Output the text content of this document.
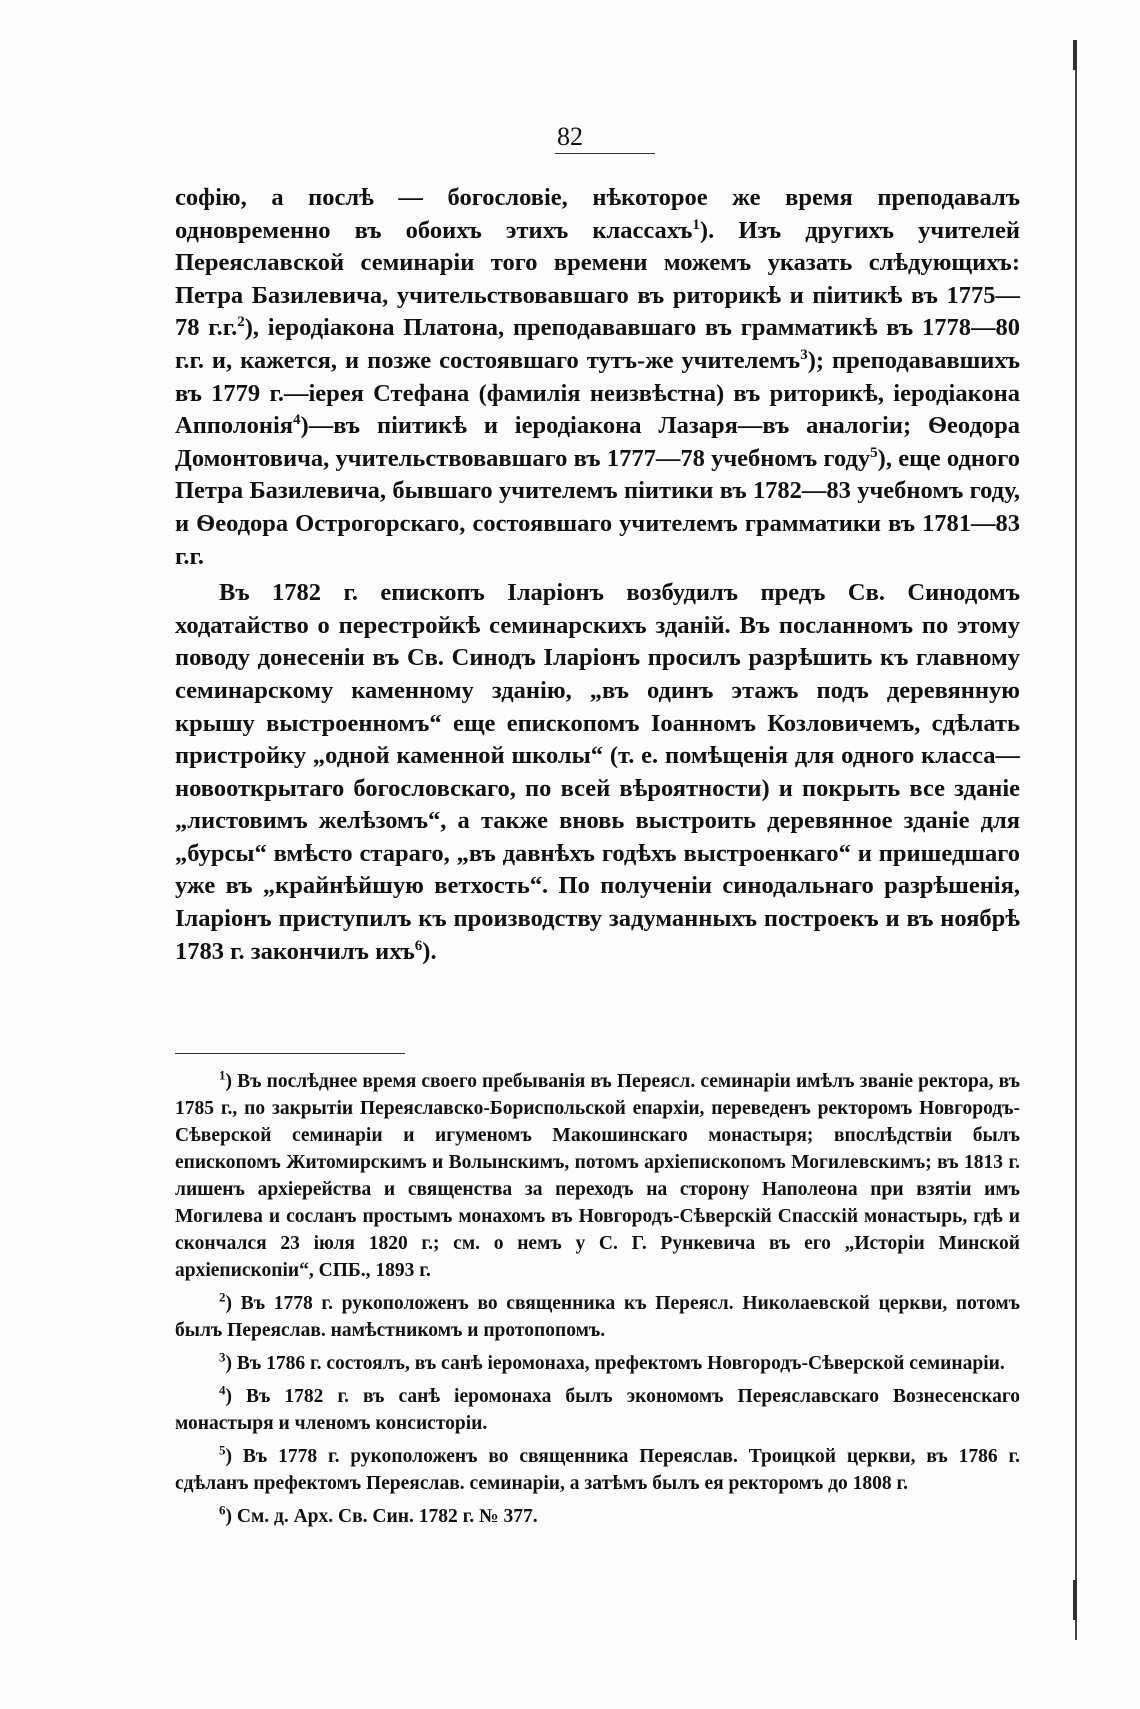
82

софію, а послѣ — богословіе, нѣкоторое же время преподавалъ одновременно въ обоихъ этихъ классахъ$^1$). Изъ другихъ учителей Переяславской семинаріи того времени можемъ указать слѣдующихъ: Петра Базилевича, учительствовавшаго въ риторикѣ и піитикѣ въ 1775—78 г.г.$^2$), іеродіакона Платона, преподававшаго въ грамматикѣ въ 1778—80 г.г. и, кажется, и позже состоявшаго тутъ-же учителемъ$^3$); преподававшихъ въ 1779 г.—іерея Стефана (фамилія неизвѣстна) въ риторикѣ, іеродіакона Апполонія$^4$)—въ піитикѣ и іеродіакона Лазаря—въ аналогіи; Ѳеодора Домонтовича, учительствовавшаго въ 1777—78 учебномъ году$^5$), еще одного Петра Базилевича, бывшаго учителемъ піитики въ 1782—83 учебномъ году, и Ѳеодора Острогорскаго, состоявшаго учителемъ грамматики въ 1781—83 г.г.

Въ 1782 г. епископъ Іларіонъ возбудилъ предъ Св. Синодомъ ходатайство о перестройкѣ семинарскихъ зданій. Въ посланномъ по этому поводу донесеніи въ Св. Синодъ Іларіонъ просилъ разрѣшить къ главному семинарскому каменному зданію, „въ одинъ этажъ подъ деревянную крышу выстроенномъ“ еще епископомъ Іоанномъ Козловичемъ, сдѣлать пристройку „одной каменной школы“ (т. е. помѣщенія для одного класса—новооткрытаго богословскаго, по всей вѣроятности) и покрыть все зданіе „листовимъ желѣзомъ“, а также вновь выстроить деревянное зданіе для „бурсы“ вмѣсто стараго, „въ давнѣхъ годѣхъ выстроенкаго“ и пришедшаго уже въ „крайнѣйшую ветхость“. По полученіи синодальнаго разрѣшенія, Іларіонъ приступилъ къ производству задуманныхъ построекъ и въ ноябрѣ 1783 г. закончилъ ихъ$^6$).

$^1$) Въ послѣднее время своего пребыванія въ Переясл. семинаріи имѣлъ званіе ректора, въ 1785 г., по закрытіи Переяславско-Бориспольской епархіи, переведенъ ректоромъ Новгородъ-Сѣверской семинаріи и игуменомъ Макошинскаго монастыря; впослѣдствіи былъ епископомъ Житомирскимъ и Волынскимъ, потомъ архіепископомъ Могилевскимъ; въ 1813 г. лишенъ архіерейства и священства за переходъ на сторону Наполеона при взятіи имъ Могилева и сосланъ простымъ монахомъ въ Новгородъ-Сѣверскій Спасскій монастырь, гдѣ и скончался 23 іюля 1820 г.; см. о немъ у С. Г. Рункевича въ его „Исторіи Минской архіепископіи“, СПБ., 1893 г.

$^2$) Въ 1778 г. рукоположенъ во священника къ Переясл. Николаевской церкви, потомъ былъ Переяслав. намѣстникомъ и протопопомъ.

$^3$) Въ 1786 г. состоялъ, въ санѣ іеромонаха, префектомъ Новгородъ-Сѣверской семинаріи.

$^4$) Въ 1782 г. въ санѣ іеромонаха былъ экономомъ Переяславскаго Вознесенскаго монастыря и членомъ консисторіи.

$^5$) Въ 1778 г. рукоположенъ во священника Переяслав. Троицкой церкви, въ 1786 г. сдѣланъ префектомъ Переяслав. семинаріи, а затѣмъ былъ ея ректоромъ до 1808 г.

$^6$) См. д. Арх. Св. Син. 1782 г. № 377.
